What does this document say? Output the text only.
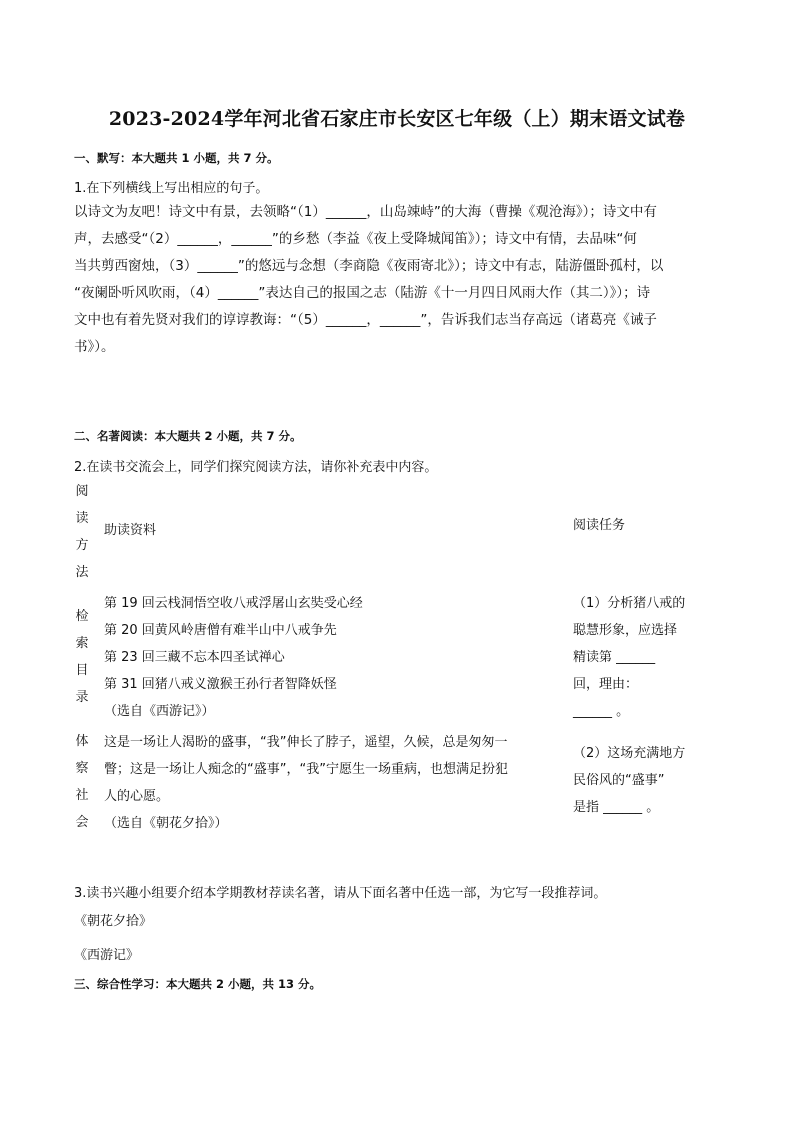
2023-2024学年河北省石家庄市长安区七年级（上）期末语文试卷
一、默写：本大题共 1 小题，共 7 分。
1.在下列横线上写出相应的句子。
以诗文为友吧！诗文中有景，去领略“（1）______，山岛竦峙”的大海（曹操《观沧海》）；诗文中有
声，去感受“（2）______，______”的乡愁（李益《夜上受降城闻笛》）；诗文中有情，去品味“何
当共剪西窗烛，（3）______”的悠远与念想（李商隐《夜雨寄北》）；诗文中有志，陆游僵卧孤村，以
“夜阑卧听风吹雨，（4）______”表达自己的报国之志（陆游《十一月四日风雨大作（其二）》）；诗
文中也有着先贤对我们的谆谆教诲：“（5）______，______”，告诉我们志当存高远（诸葛亮《诫子
书》）。
二、名著阅读：本大题共 2 小题，共 7 分。
2.在读书交流会上，同学们探究阅读方法，请你补充表中内容。
阅
读
方
法
助读资料	阅读任务
检
索
目
录
第 19 回云栈洞悟空收八戒浮屠山玄奘受心经
第 20 回黄风岭唐僧有难半山中八戒争先
第 23 回三藏不忘本四圣试禅心
第 31 回猪八戒义激猴王孙行者智降妖怪
（选自《西游记》）
（1）分析猪八戒的
聪慧形象，应选择
精读第 ______
回，理由：
______ 。
体
察
社
会
这是一场让人渴盼的盛事，“我”伸长了脖子，遥望，久候，总是匆匆一
瞥；这是一场让人痴念的“盛事”，“我”宁愿生一场重病，也想满足扮犯
人的心愿。
（选自《朝花夕拾》）
（2）这场充满地方
民俗风的“盛事”
是指 ______ 。
3.读书兴趣小组要介绍本学期教材荐读名著，请从下面名著中任选一部，为它写一段推荐词。
《朝花夕拾》
《西游记》
三、综合性学习：本大题共 2 小题，共 13 分。
